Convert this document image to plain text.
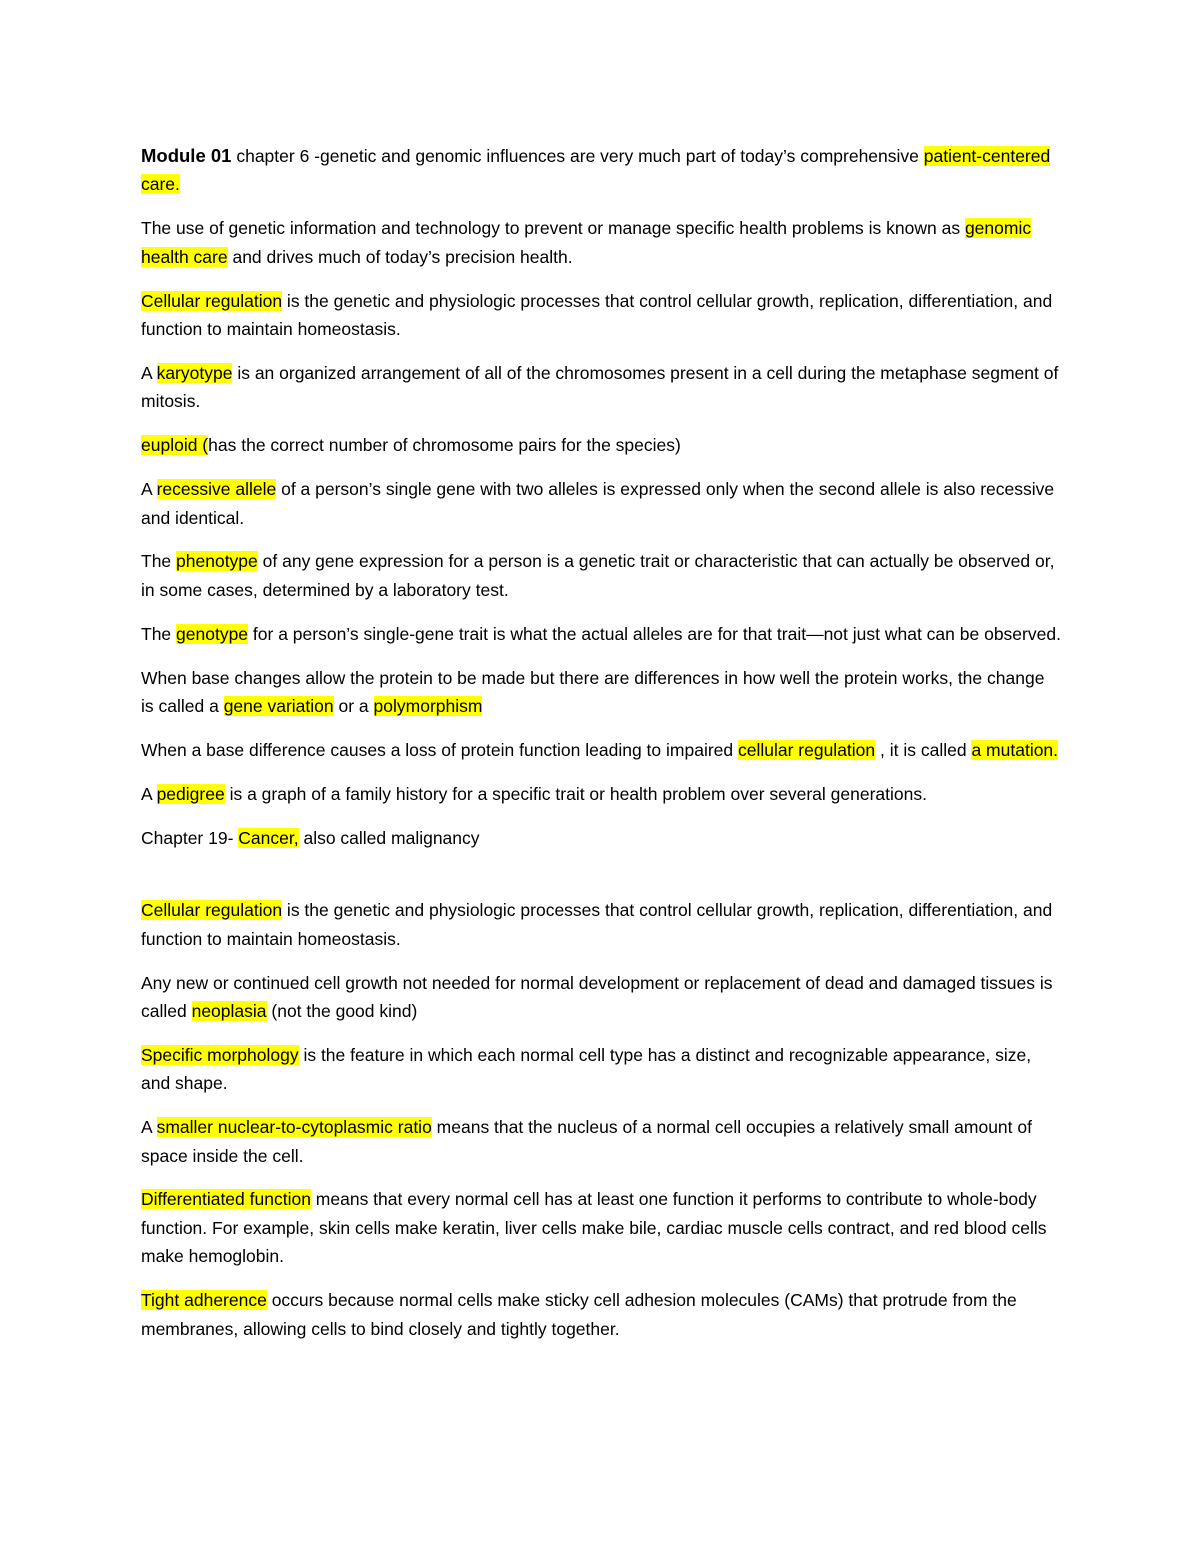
Module 01 chapter 6 -genetic and genomic influences are very much part of today’s comprehensive patient-centered care.

The use of genetic information and technology to prevent or manage specific health problems is known as genomic health care and drives much of today’s precision health.

Cellular regulation is the genetic and physiologic processes that control cellular growth, replication, differentiation, and function to maintain homeostasis.

A karyotype is an organized arrangement of all of the chromosomes present in a cell during the metaphase segment of mitosis.

euploid (has the correct number of chromosome pairs for the species)

A recessive allele of a person’s single gene with two alleles is expressed only when the second allele is also recessive and identical.

The phenotype of any gene expression for a person is a genetic trait or characteristic that can actually be observed or, in some cases, determined by a laboratory test.

The genotype for a person’s single-gene trait is what the actual alleles are for that trait—not just what can be observed.

When base changes allow the protein to be made but there are differences in how well the protein works, the change is called a gene variation or a polymorphism

When a base difference causes a loss of protein function leading to impaired cellular regulation , it is called a mutation.

A pedigree is a graph of a family history for a specific trait or health problem over several generations.

Chapter 19- Cancer, also called malignancy

Cellular regulation is the genetic and physiologic processes that control cellular growth, replication, differentiation, and function to maintain homeostasis.

Any new or continued cell growth not needed for normal development or replacement of dead and damaged tissues is called neoplasia (not the good kind)

Specific morphology is the feature in which each normal cell type has a distinct and recognizable appearance, size, and shape.

A smaller nuclear-to-cytoplasmic ratio means that the nucleus of a normal cell occupies a relatively small amount of space inside the cell.

Differentiated function means that every normal cell has at least one function it performs to contribute to whole-body function. For example, skin cells make keratin, liver cells make bile, cardiac muscle cells contract, and red blood cells make hemoglobin.

Tight adherence occurs because normal cells make sticky cell adhesion molecules (CAMs) that protrude from the membranes, allowing cells to bind closely and tightly together.
